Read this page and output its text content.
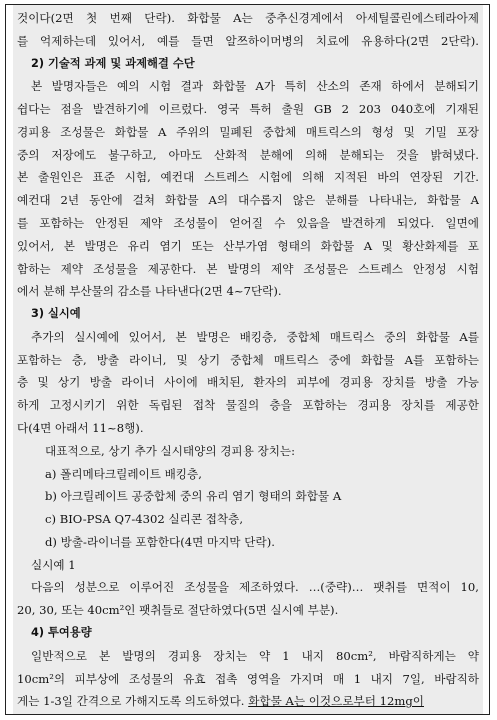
것이다(2면 첫 번째 단락). 화합물 A는 중추신경계에서 아세틸콜린에스테라아제
를 억제하는데 있어서, 예를 들면 알쯔하이머병의 치료에 유용하다(2면 2단락).
2) 기술적 과제 및 과제해결 수단
본 발명자들은 예의 시험 결과 화합물 A가 특히 산소의 존재 하에서 분해되기
쉽다는 점을 발견하기에 이르렀다. 영국 특허 출원 GB 2 203 040호에 기재된
경피용 조성물은 화합물 A 주위의 밀폐된 중합체 매트릭스의 형성 및 기밀 포장
중의 저장에도 불구하고, 아마도 산화적 분해에 의해 분해되는 것을 밝혀냈다.
본 출원인은 표준 시험, 예컨대 스트레스 시험에 의해 지적된 바의 연장된 기간.
예컨대 2년 동안에 걸쳐 화합물 A의 대수롭지 않은 분해를 나타내는, 화합물 A
를 포함하는 안정된 제약 조성물이 얻어질 수 있음을 발견하게 되었다. 일면에
있어서, 본 발명은 유리 염기 또는 산부가염 형태의 화합물 A 및 황산화제를 포
함하는 제약 조성물을 제공한다. 본 발명의 제약 조성물은 스트레스 안정성 시험
에서 분해 부산물의 감소를 나타낸다(2면 4~7단락).
3) 실시예
추가의 실시예에 있어서, 본 발명은 배킹층, 중합체 매트릭스 중의 화합물 A를
포함하는 층, 방출 라이너, 및 상기 중합체 매트릭스 중에 화합물 A를 포함하는
층 및 상기 방출 라이너 사이에 배치된, 환자의 피부에 경피용 장치를 방출 가능
하게 고정시키기 위한 독립된 접착 물질의 층을 포함하는 경피용 장치를 제공한
다(4면 아래서 11~8행).
대표적으로, 상기 추가 실시태양의 경피용 장치는:
a) 폴리메타크릴레이트 배킹층,
b) 아크릴레이트 공중합체 중의 유리 염기 형태의 화합물 A
c) BIO-PSA Q7-4302 실리콘 접착층,
d) 방출-라이너를 포함한다(4면 마지막 단락).
실시예 1
다음의 성분으로 이루어진 조성물을 제조하였다. …(중략)… 팻취를 면적이 10,
20, 30, 또는 40cm²인 팻취들로 절단하였다(5면 실시예 부분).
4) 투여용량
일반적으로 본 발명의 경피용 장치는 약 1 내지 80cm², 바람직하게는 약
10cm²의 피부상에 조성물의 유효 접촉 영역을 가지며 매 1 내지 7일, 바람직하
게는 1-3일 간격으로 가해지도록 의도하였다. 화합물 A는 이것으로부터 12mg이
